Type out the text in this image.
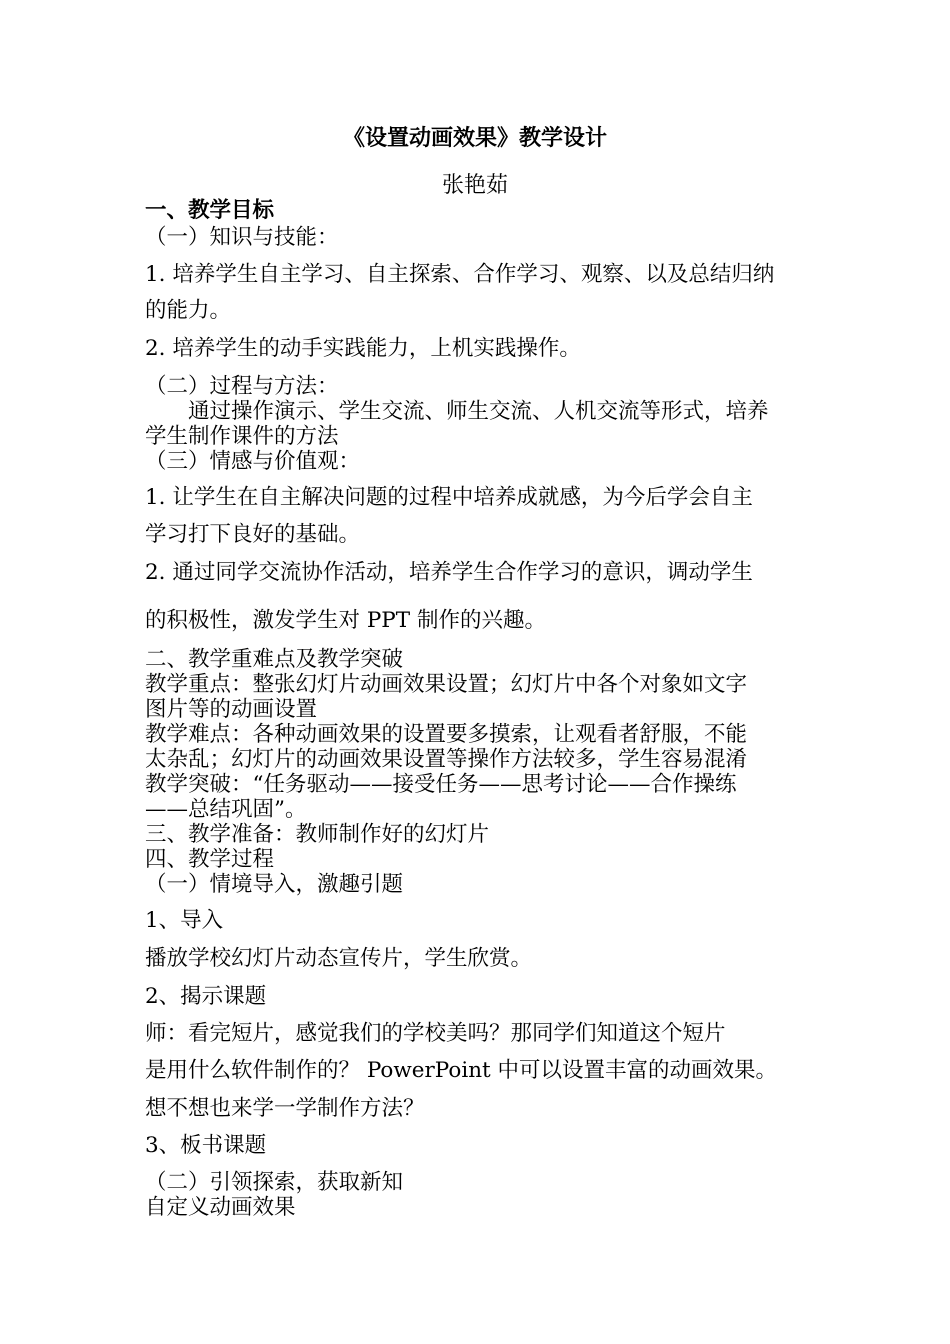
《设置动画效果》教学设计
张艳茹
一、教学目标
（一）知识与技能：
1. 培养学生自主学习、自主探索、合作学习、观察、以及总结归纳
的能力。
2. 培养学生的动手实践能力，上机实践操作。
（二）过程与方法：
　　通过操作演示、学生交流、师生交流、人机交流等形式，培养
学生制作课件的方法
（三）情感与价值观：
1. 让学生在自主解决问题的过程中培养成就感，为今后学会自主
学习打下良好的基础。
2. 通过同学交流协作活动，培养学生合作学习的意识，调动学生
的积极性，激发学生对 PPT 制作的兴趣。
二、教学重难点及教学突破
教学重点：整张幻灯片动画效果设置；幻灯片中各个对象如文字
图片等的动画设置
教学难点：各种动画效果的设置要多摸索，让观看者舒服，不能
太杂乱；幻灯片的动画效果设置等操作方法较多，学生容易混淆
教学突破：“任务驱动——接受任务——思考讨论——合作操练
——总结巩固”。
三、教学准备：教师制作好的幻灯片
四、教学过程
（一）情境导入，激趣引题
1、导入
播放学校幻灯片动态宣传片，学生欣赏。
2、揭示课题
师：看完短片，感觉我们的学校美吗？那同学们知道这个短片
是用什么软件制作的？ PowerPoint 中可以设置丰富的动画效果。
想不想也来学一学制作方法？
3、板书课题
（二）引领探索，获取新知
自定义动画效果
